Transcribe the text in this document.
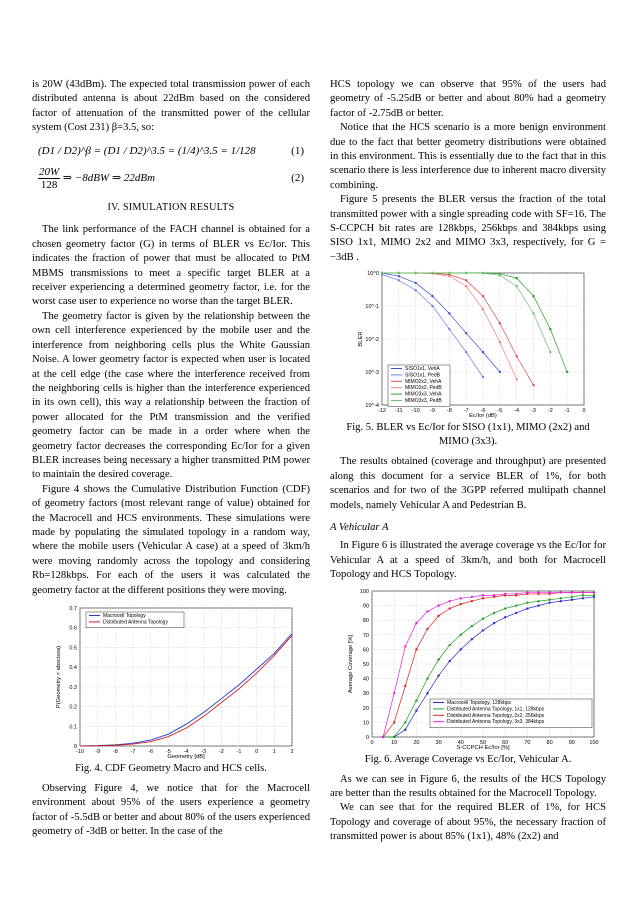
is 20W (43dBm). The expected total transmission power of each distributed antenna is about 22dBm based on the considered factor of attenuation of the transmitted power of the cellular system (Cost 231) β=3.5, so:

(D1 / D2)^β = (D1 / D2)^3.5 = (1/4)^3.5 = 1/128	(1)
$\frac{20W}{128}$ ⇒ −8dBW ⇒ 22dBm	(2)
IV. SIMULATION RESULTS

The link performance of the FACH channel is obtained for a chosen geometry factor (G) in terms of BLER vs Ec/Ior. This indicates the fraction of power that must be allocated to PtM MBMS transmissions to meet a specific target BLER at a receiver experiencing a determined geometry factor, i.e. for the worst case user to experience no worse than the target BLER.

The geometry factor is given by the relationship between the own cell interference experienced by the mobile user and the interference from neighboring cells plus the White Gaussian Noise. A lower geometry factor is expected when user is located at the cell edge (the case where the interference received from the neighboring cells is higher than the interference experienced in its own cell), this way a relationship between the fraction of power allocated for the PtM transmission and the verified geometry factor can be made in a order where when the geometry factor decreases the corresponding Ec/Ior for a given BLER increases being necessary a higher transmitted PtM power to maintain the desired coverage.

Figure 4 shows the Cumulative Distribution Function (CDF) of geometry factors (most relevant range of value) obtained for the Macrocell and HCS environments. These simulations were made by populating the simulated topology in a random way, where the mobile users (Vehicular A case) at a speed of 3km/h were moving randomly across the topology and considering Rb=128kbps. For each of the users it was calculated the geometry factor at the different positions they were moving.

-10 -9 -8 -7 -6 -5 -4 -3 -2 -1 0	1	2
0
0.1
0.2
0.3
0.4
0.5
0.6
0.7
Geometry [dB]
P(Geometry < abscissa)
Macrocell Topology
Distributed Antenna Topology
Fig. 4. CDF Geometry Macro and HCS cells.

Observing Figure 4, we notice that for the Macrocell environment about 95% of the users experience a geometry factor of -5.5dB or better and about 80% of the users experienced geometry of -3dB or better. In the case of the

HCS topology we can observe that 95% of the users had geometry of -5.25dB or better and about 80% had a geometry factor of -2.75dB or better.

Notice that the HCS scenario is a more benign environment due to the fact that better geometry distributions were obtained in this environment. This is essentially due to the fact that in this scenario there is less interference due to inherent macro diversity combining.

Figure 5 presents the BLER versus the fraction of the total transmitted power with a single spreading code with SF=16. The S-CCPCH bit rates are 128kbps, 256kbps and 384kbps using SISO 1x1, MIMO 2x2 and MIMO 3x3, respectively, for G = −3dB .

-12 -11 -10 -9 -8 -7 -6 -5 -4 -3 -2 -1 0
10^0
10^-1
10^-2
10^-3
10^-4
Ec/Ior (dB)
BLER
SISO1x1, VehA
SISO1x1, PedB
MIMO2x2, VehA
MIMO2x2, PedB
MIMO3x3, VehA
MIMO3x3, PedB
Fig. 5. BLER vs Ec/Ior for SISO (1x1), MIMO (2x2) and MIMO (3x3).

The results obtained (coverage and throughput) are presented along this document for a service BLER of 1%, for both scenarios and for two of the 3GPP referred multipath channel models, namely Vehicular A and Pedestrian B.

A Vehicular A

In Figure 6 is illustrated the average coverage vs the Ec/Ior for Vehicular A at a speed of 3km/h, and both for Macrocell Topology and HCS Topology.

0	10	20	30	40	50	60	70	80	90	100
0
10
20
30
40
50
60
70
80
90
100
S-CCPCH Ec/Ior [%]
Average Coverage [%]
Macrocell Topology, 128kbps
Distributed Antenna Topology, 1x1, 128kbps
Distributed Antenna Topology, 2x2, 256kbps
Distributed Antenna Topology, 3x3, 384kbps
Fig. 6. Average Coverage vs Ec/Ior, Vehicular A.

As we can see in Figure 6, the results of the HCS Topology are better than the results obtained for the Macrocell Topology.

We can see that for the required BLER of 1%, for HCS Topology and coverage of about 95%, the necessary fraction of transmitted power is about 85% (1x1), 48% (2x2) and
